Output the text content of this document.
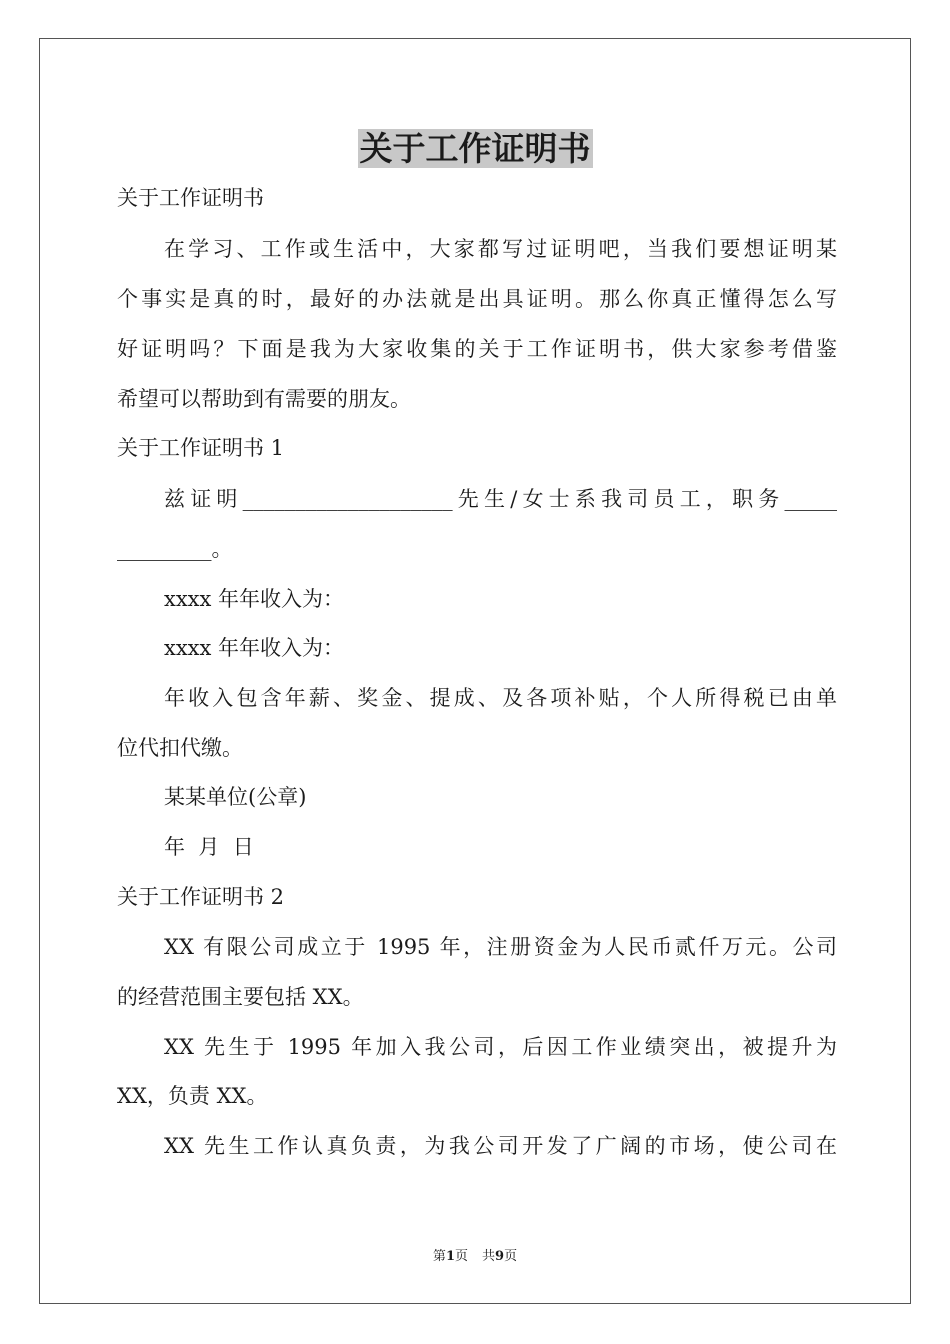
关于工作证明书
关于工作证明书
在学习、工作或生活中，大家都写过证明吧，当我们要想证明某
个事实是真的时，最好的办法就是出具证明。那么你真正懂得怎么写
好证明吗？下面是我为大家收集的关于工作证明书，供大家参考借鉴
希望可以帮助到有需要的朋友。
关于工作证明书 1
兹证明____________________先生/女士系我司员工，职务_____
_________。
xxxx 年年收入为：
xxxx 年年收入为：
年收入包含年薪、奖金、提成、及各项补贴，个人所得税已由单
位代扣代缴。
某某单位(公章)
年  月  日
关于工作证明书 2
XX 有限公司成立于 1995 年，注册资金为人民币贰仟万元。公司
的经营范围主要包括 XX。
XX 先生于 1995 年加入我公司，后因工作业绩突出，被提升为
XX，负责 XX。
XX 先生工作认真负责，为我公司开发了广阔的市场，使公司在
第1页 共9页
